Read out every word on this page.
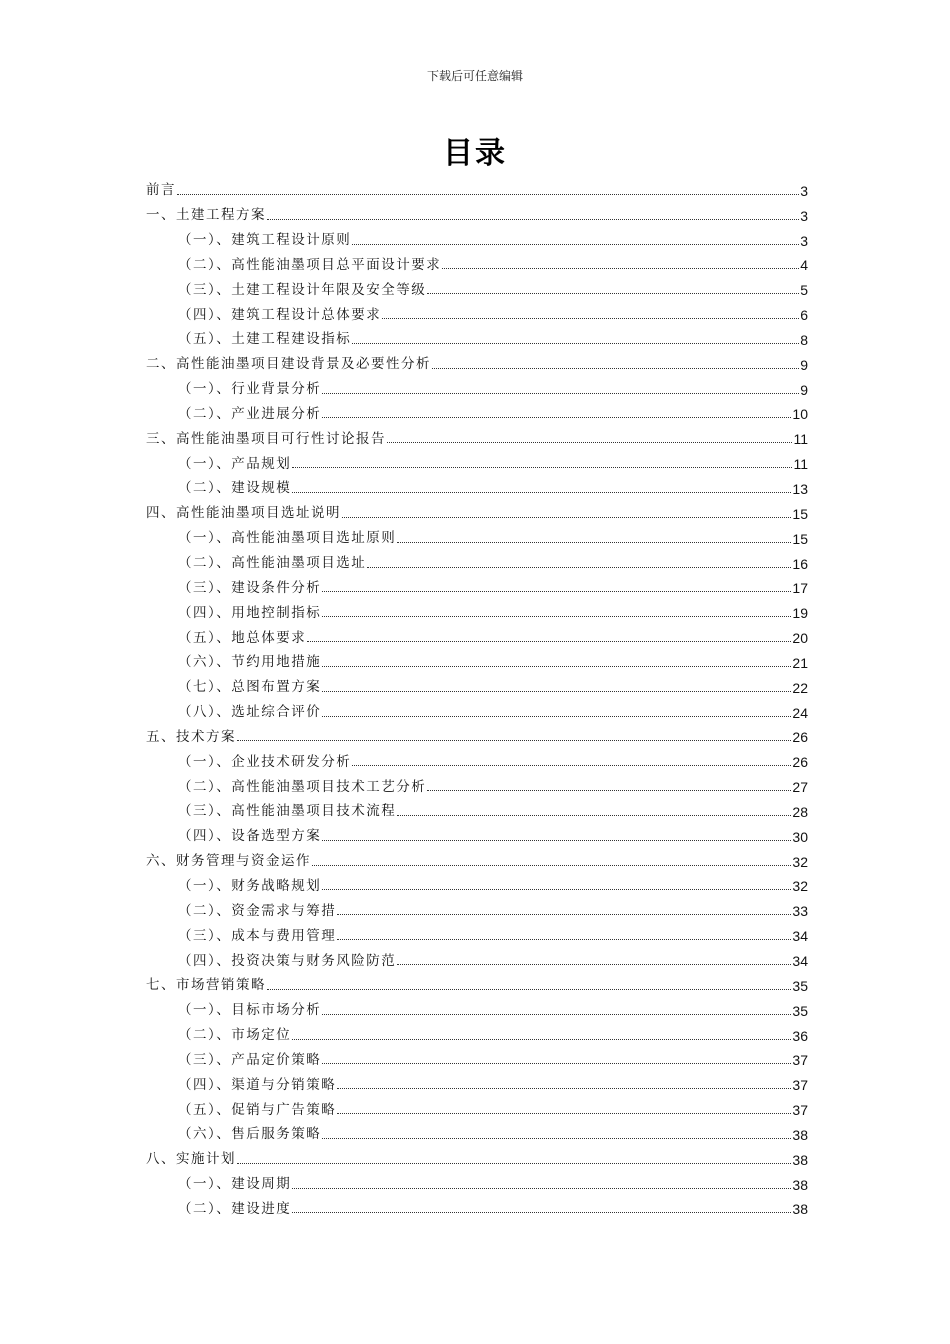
下载后可任意编辑
目录
前言	3
一、土建工程方案	3
（一）、建筑工程设计原则	3
（二）、高性能油墨项目总平面设计要求	4
（三）、土建工程设计年限及安全等级	5
（四）、建筑工程设计总体要求	6
（五）、土建工程建设指标	8
二、高性能油墨项目建设背景及必要性分析	9
（一）、行业背景分析	9
（二）、产业进展分析	10
三、高性能油墨项目可行性讨论报告	11
（一）、产品规划	11
（二）、建设规模	13
四、高性能油墨项目选址说明	15
（一）、高性能油墨项目选址原则	15
（二）、高性能油墨项目选址	16
（三）、建设条件分析	17
（四）、用地控制指标	19
（五）、地总体要求	20
（六）、节约用地措施	21
（七）、总图布置方案	22
（八）、选址综合评价	24
五、技术方案	26
（一）、企业技术研发分析	26
（二）、高性能油墨项目技术工艺分析	27
（三）、高性能油墨项目技术流程	28
（四）、设备选型方案	30
六、财务管理与资金运作	32
（一）、财务战略规划	32
（二）、资金需求与筹措	33
（三）、成本与费用管理	34
（四）、投资决策与财务风险防范	34
七、市场营销策略	35
（一）、目标市场分析	35
（二）、市场定位	36
（三）、产品定价策略	37
（四）、渠道与分销策略	37
（五）、促销与广告策略	37
（六）、售后服务策略	38
八、实施计划	38
（一）、建设周期	38
（二）、建设进度	38
